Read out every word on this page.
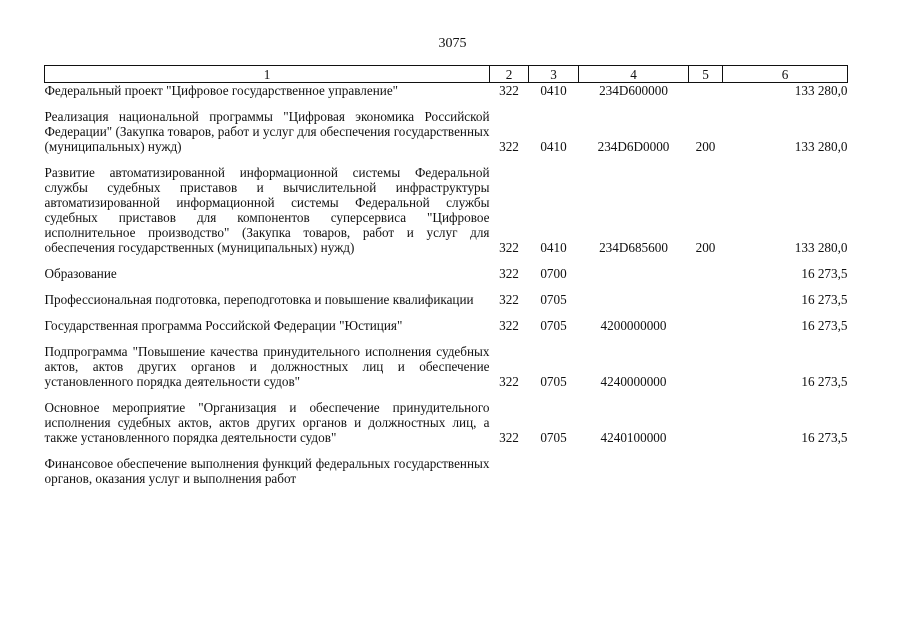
3075
1	2	3	4	5	6
Федеральный проект "Цифровое государственное управление"	322	0410	234D600000		133 280,0

Реализация национальной программы "Цифровая экономика Российской Федерации" (Закупка товаров, работ и услуг для обеспечения государственных (муниципальных) нужд)	322	0410	234D6D0000	200	133 280,0

Развитие автоматизированной информационной системы Федеральной службы судебных приставов и вычислительной инфраструктуры автоматизированной информационной системы Федеральной службы судебных приставов для компонентов суперсервиса "Цифровое исполнительное производство" (Закупка товаров, работ и услуг для обеспечения государственных (муниципальных) нужд)	322	0410	234D685600	200	133 280,0

Образование	322	0700			16 273,5

Профессиональная подготовка, переподготовка и повышение квалификации	322	0705			16 273,5

Государственная программа Российской Федерации "Юстиция"	322	0705	4200000000		16 273,5

Подпрограмма "Повышение качества принудительного исполнения судебных актов, актов других органов и должностных лиц и обеспечение установленного порядка деятельности судов"	322	0705	4240000000		16 273,5

Основное мероприятие "Организация и обеспечение принудительного исполнения судебных актов, актов других органов и должностных лиц, а также установленного порядка деятельности судов"	322	0705	4240100000		16 273,5

Финансовое обеспечение выполнения функций федеральных государственных органов, оказания услуг и выполнения работ					
